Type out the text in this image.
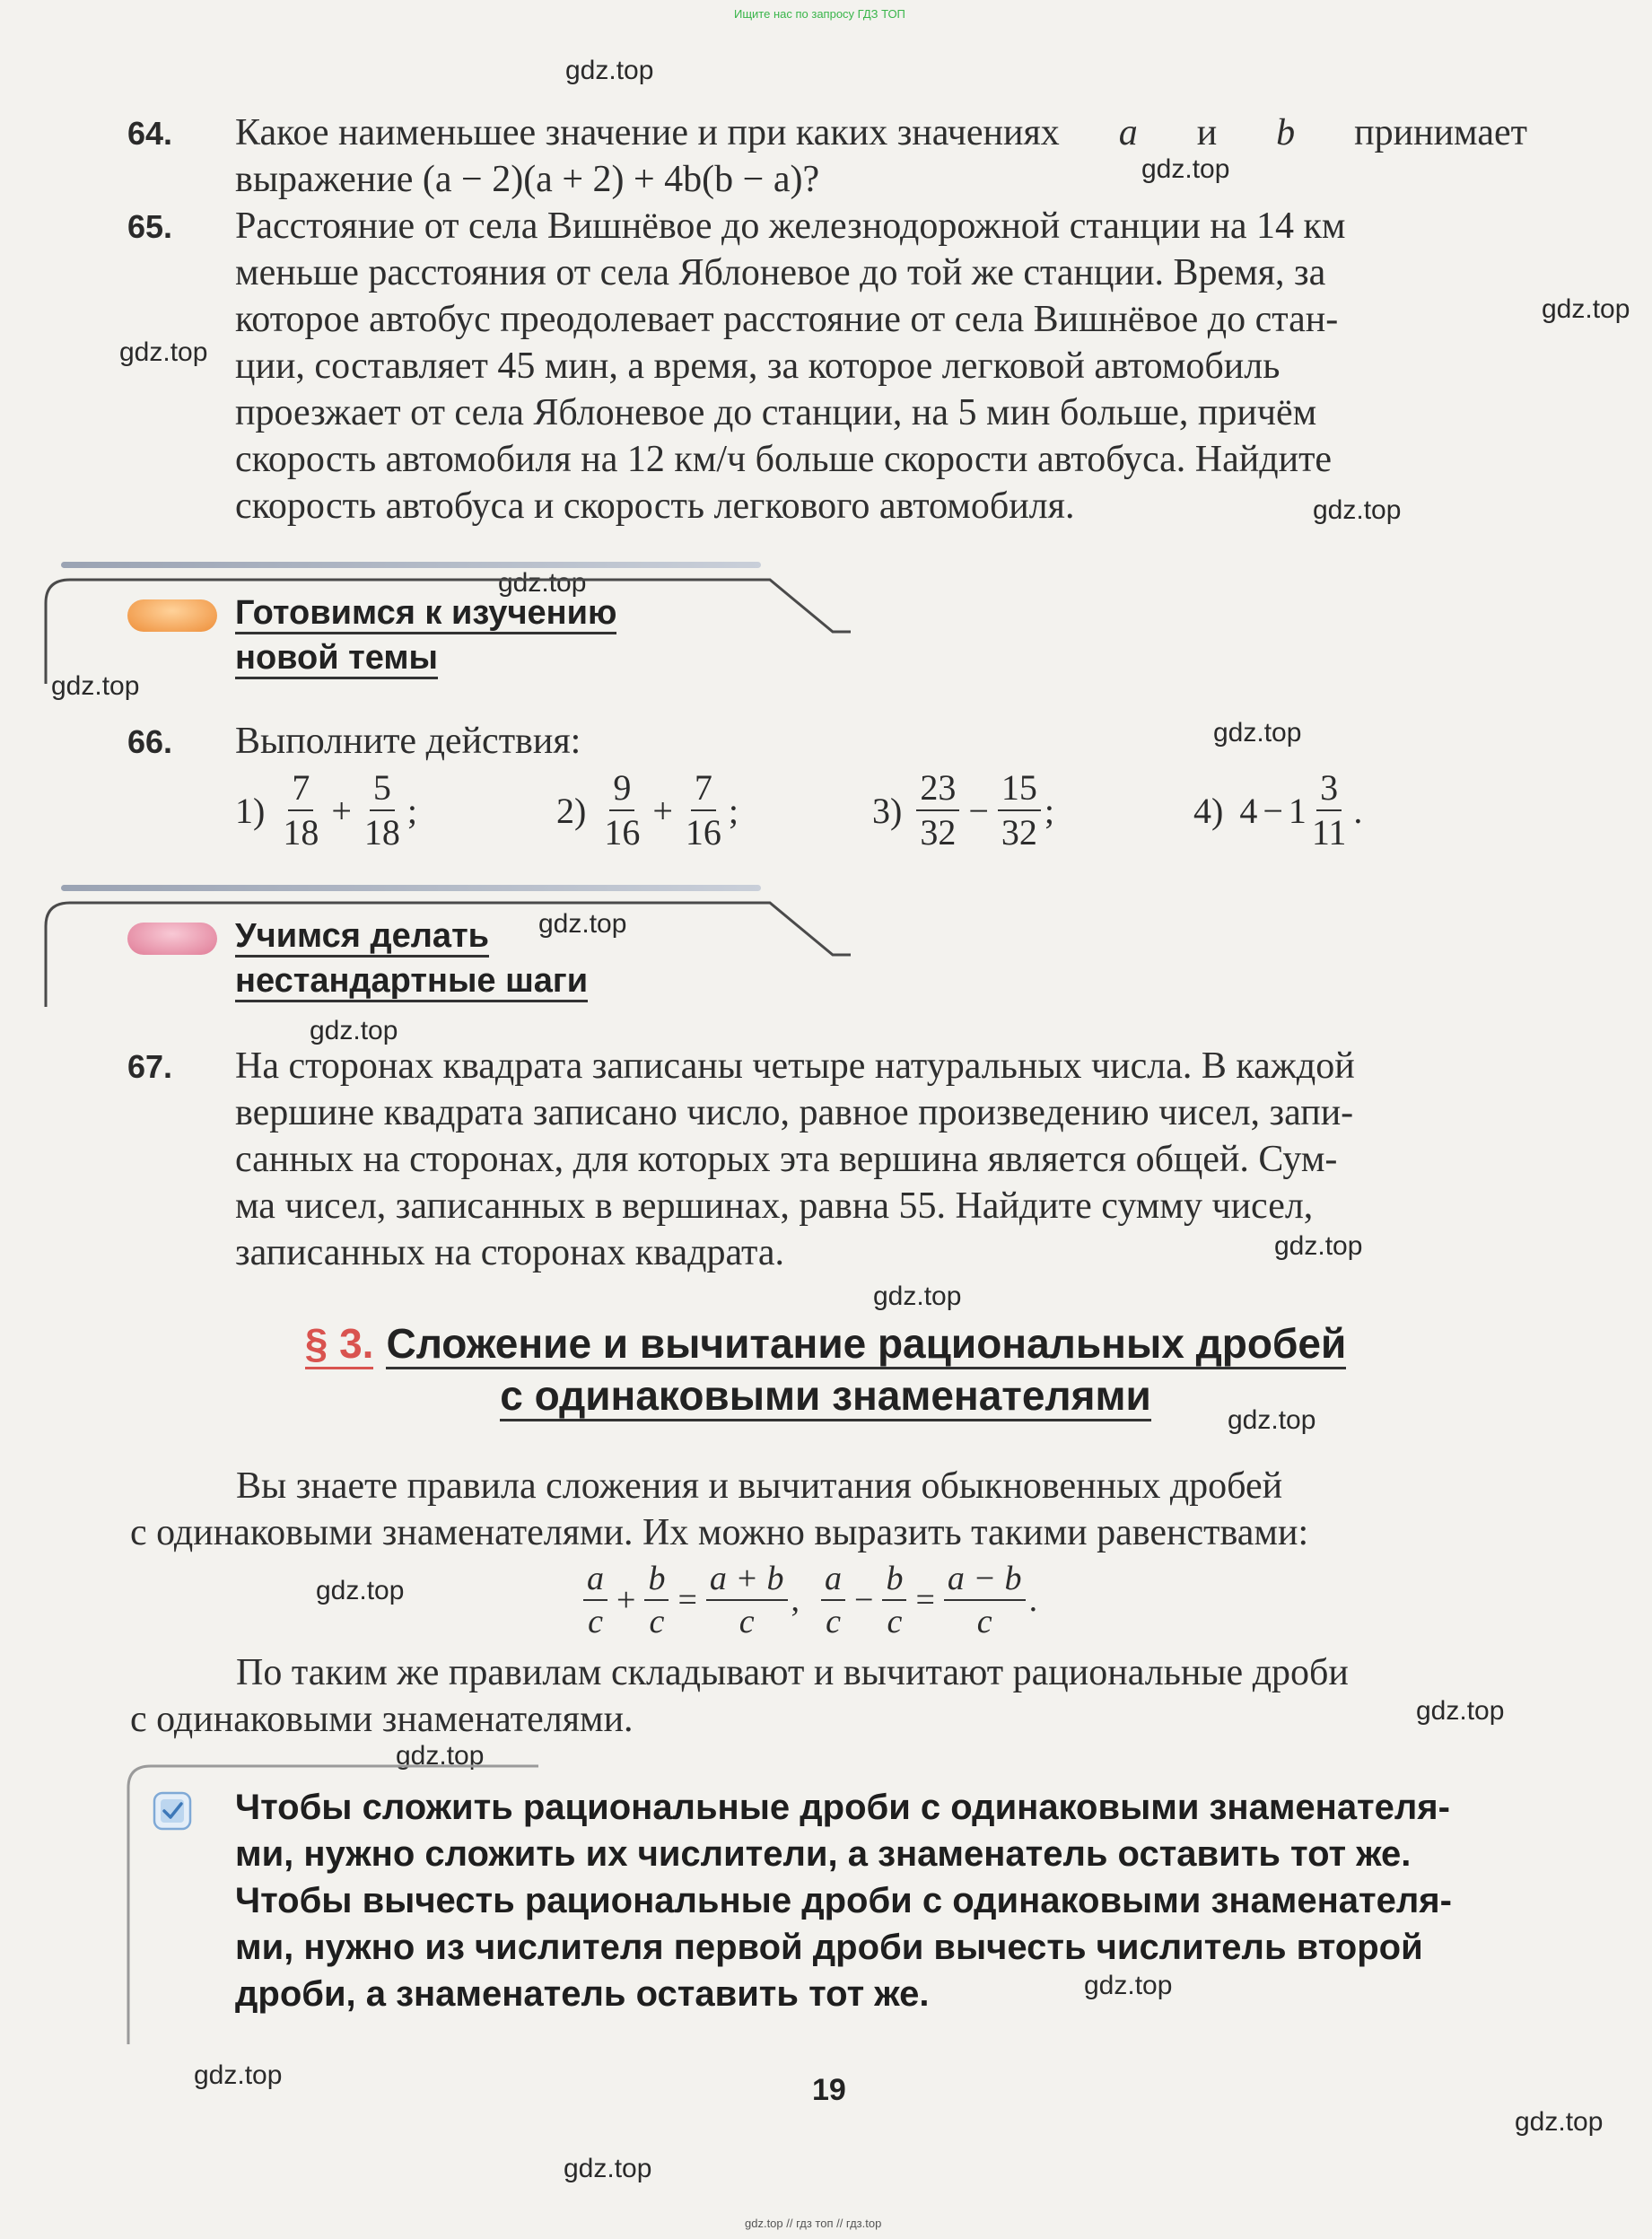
Ищите нас по запросу ГДЗ ТОП
gdz.top
gdz.top
gdz.top
gdz.top
gdz.top
gdz.top
gdz.top
gdz.top
gdz.top
gdz.top
gdz.top
gdz.top
gdz.top
gdz.top
gdz.top
gdz.top
gdz.top
gdz.top
gdz.top
gdz.top
64. Какое наименьшее значение и при каких значениях a и b принимает
выражение (a − 2)(a + 2) + 4b(b − a)?
65. Расстояние от села Вишнёвое до железнодорожной станции на 14 км
меньше расстояния от села Яблоневое до той же станции. Время, за
которое автобус преодолевает расстояние от села Вишнёвое до стан-
ции, составляет 45 мин, а время, за которое легковой автомобиль
проезжает от села Яблоневое до станции, на 5 мин больше, причём
скорость автомобиля на 12 км/ч больше скорости автобуса. Найдите
скорость автобуса и скорость легкового автомобиля.
Готовимся к изучению
новой темы
66. Выполните действия:
$1) \frac{7}{18} + \frac{5}{18}$ ;	$2) \frac{9}{16} + \frac{7}{16}$ ;	$3) \frac{23}{32} - \frac{15}{32}$ ;	4) $4 - 1 \frac{3}{11}$ .
Учимся делать
нестандартные шаги
67. На сторонах квадрата записаны четыре натуральных числа. В каждой
вершине квадрата записано число, равное произведению чисел, запи-
санных на сторонах, для которых эта вершина является общей. Сум-
ма чисел, записанных в вершинах, равна 55. Найдите сумму чисел,
записанных на сторонах квадрата.
§ 3. Сложение и вычитание рациональных дробей
с одинаковыми знаменателями
Вы знаете правила сложения и вычитания обыкновенных дробей
с одинаковыми знаменателями. Их можно выразить такими равенствами:
$\frac{a}{c} + \frac{b}{c} = \frac{a + b}{c}$ , $\frac{a}{c} - \frac{b}{c} = \frac{a - b}{c}$ .
По таким же правилам складывают и вычитают рациональные дроби
с одинаковыми знаменателями.
Чтобы сложить рациональные дроби с одинаковыми знаменателя-
ми, нужно сложить их числители, а знаменатель оставить тот же.
Чтобы вычесть рациональные дроби с одинаковыми знаменателя-
ми, нужно из числителя первой дроби вычесть числитель второй
дроби, а знаменатель оставить тот же.
19
gdz.top // гдз топ // гдз.top
